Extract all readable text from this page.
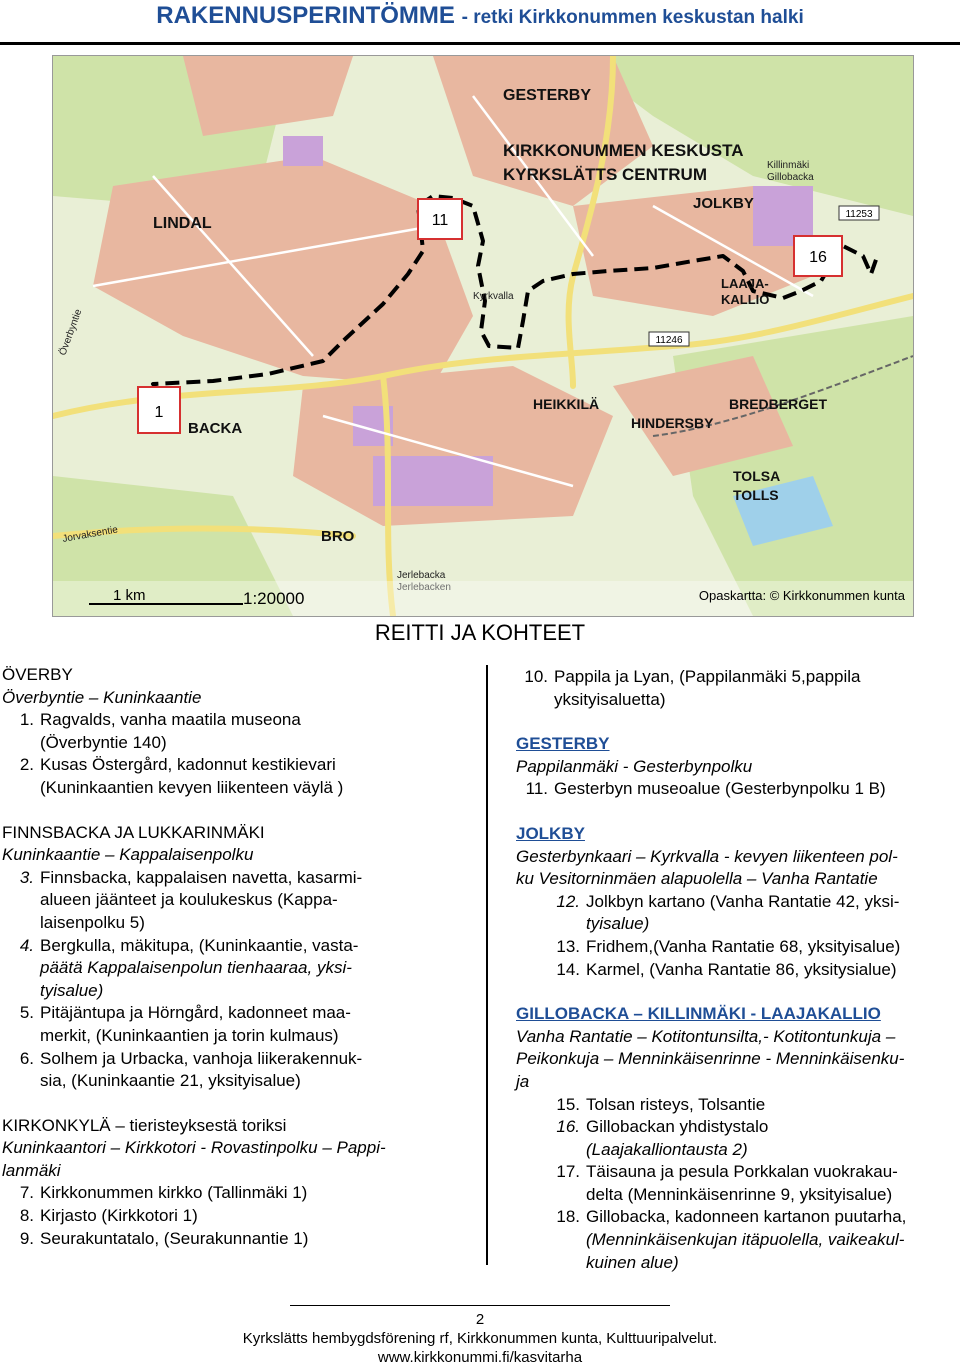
RAKENNUSPERINTÖMME - retki Kirkkonummen keskustan halki
1
11
16
GESTERBY
KIRKKONUMMEN KESKUSTA
KYRKSLÄTTS CENTRUM
LINDAL
JOLKBY
LAAJA-
KALLIO
HEIKKILÄ
HINDERSBY
BREDBERGET
BACKA
TOLSA
TOLLS
BRO
Killinmäki
Gillobacka
Jerlebacka
Kyrkvalla
Överbyntie
Jorvaksentie
11253
11246
1 km	1:20000	Opaskartta: © Kirkkonummen kunta
REITTI JA KOHTEET

ÖVERBY

Överbyntie – Kuninkaantie

1. Ragvalds, vanha maatila museona

(Överbyntie 140)

2. Kusas Östergård, kadonnut kestikievari

(Kuninkaantien kevyen liikenteen väylä )

FINNSBACKA JA LUKKARINMÄKI

Kuninkaantie – Kappalaisenpolku

3. Finnsbacka, kappalaisen navetta, kasarmi-

alueen jäänteet ja koulukeskus (Kappa-

laisenpolku 5)

4. Bergkulla, mäkitupa, (Kuninkaantie, vasta-

päätä Kappalaisenpolun tienhaaraa, yksi-

tyisalue)

5. Pitäjäntupa ja Hörngård, kadonneet maa-

merkit, (Kuninkaantien ja torin kulmaus)

6. Solhem ja Urbacka, vanhoja liikerakennuk-

sia, (Kuninkaantie 21, yksityisalue)

KIRKONKYLÄ – tieristeyksestä toriksi

Kuninkaantori – Kirkkotori - Rovastinpolku – Pappi-

lanmäki

7. Kirkkonummen kirkko (Tallinmäki 1)

8. Kirjasto (Kirkkotori 1)

9. Seurakuntatalo, (Seurakunnantie 1)

10. Pappila ja Lyan, (Pappilanmäki 5,pappila

yksityisaluetta)

GESTERBY

Pappilanmäki - Gesterbynpolku

11. Gesterbyn museoalue (Gesterbynpolku 1 B)

JOLKBY

Gesterbynkaari – Kyrkvalla - kevyen liikenteen pol-

ku Vesitorninmäen alapuolella – Vanha Rantatie

12. Jolkbyn kartano (Vanha Rantatie 42, yksi-

tyisalue)

13. Fridhem,(Vanha Rantatie 68, yksityisalue)

14. Karmel, (Vanha Rantatie 86, yksitysialue)

GILLOBACKA – KILLINMÄKI - LAAJAKALLIO

Vanha Rantatie – Kotitontunsilta,- Kotitontunkuja –

Peikonkuja – Menninkäisenrinne - Menninkäisenku-

ja

15. Tolsan risteys, Tolsantie

16. Gillobackan yhdistystalo

(Laajakalliontausta 2)

17. Täisauna ja pesula Porkkalan vuokrakau-

delta (Menninkäisenrinne 9, yksityisalue)

18. Gillobacka, kadonneen kartanon puutarha,

(Menninkäisenkujan itäpuolella, vaikeakul-

kuinen alue)

2
Kyrkslätts hembygdsförening rf, Kirkkonummen kunta, Kulttuuripalvelut.
www.kirkkonummi.fi/kasvitarha
